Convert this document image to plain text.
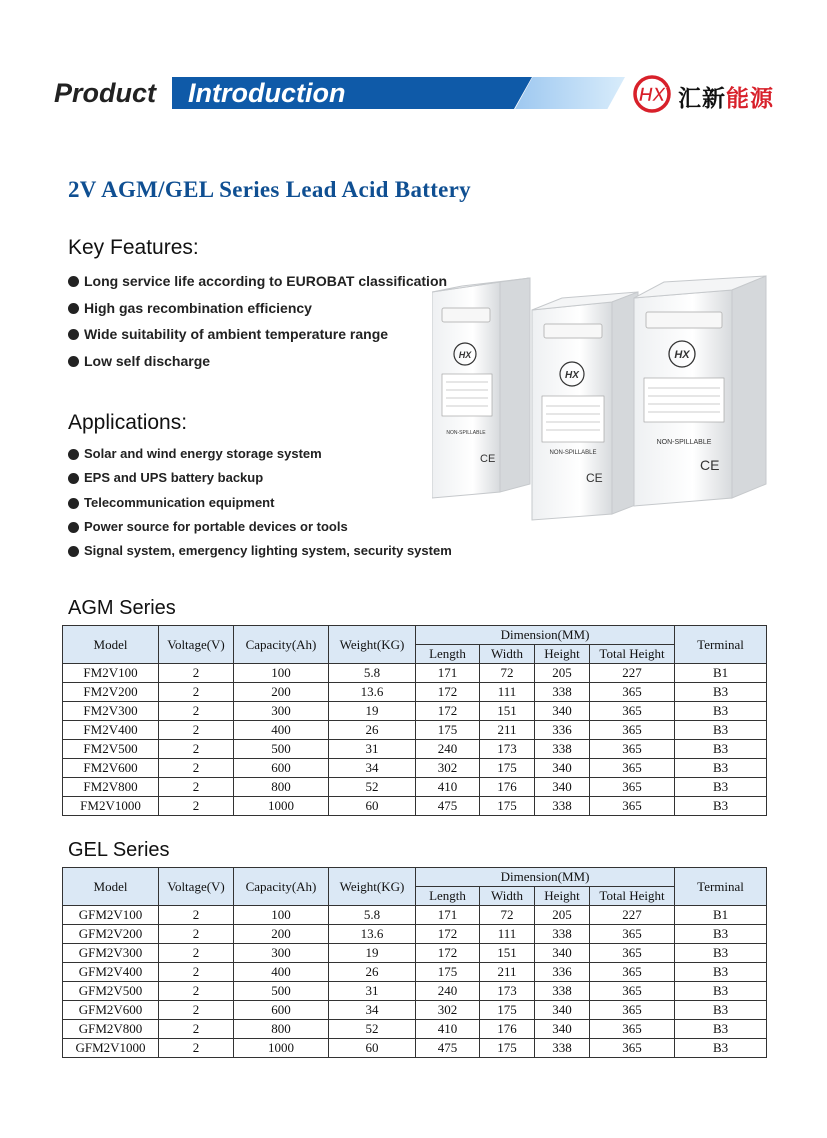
Product Introduction	HX 汇新能源
2V AGM/GEL Series Lead Acid Battery
Key Features:
Long service life according to EUROBAT classification
High gas recombination efficiency
Wide suitability of ambient temperature range
Low self discharge
Applications:
Solar and wind energy storage system
EPS and UPS battery backup
Telecommunication equipment
Power source for portable devices or tools
Signal system, emergency lighting system, security system
HX
NON-SPILLABLE
CE
HX
NON-SPILLABLE
CE
HX
NON-SPILLABLE
CE
AGM Series
Model	Voltage(V)	Capacity(Ah)	Weight(KG)	Dimension(MM)				Terminal
				Length	Width	Height	Total Height	
FM2V100	2	100	5.8	171	72	205	227	B1
FM2V200	2	200	13.6	172	111	338	365	B3
FM2V300	2	300	19	172	151	340	365	B3
FM2V400	2	400	26	175	211	336	365	B3
FM2V500	2	500	31	240	173	338	365	B3
FM2V600	2	600	34	302	175	340	365	B3
FM2V800	2	800	52	410	176	340	365	B3
FM2V1000	2	1000	60	475	175	338	365	B3
GEL Series
Model	Voltage(V)	Capacity(Ah)	Weight(KG)	Dimension(MM)				Terminal
				Length	Width	Height	Total Height	
GFM2V100	2	100	5.8	171	72	205	227	B1
GFM2V200	2	200	13.6	172	111	338	365	B3
GFM2V300	2	300	19	172	151	340	365	B3
GFM2V400	2	400	26	175	211	336	365	B3
GFM2V500	2	500	31	240	173	338	365	B3
GFM2V600	2	600	34	302	175	340	365	B3
GFM2V800	2	800	52	410	176	340	365	B3
GFM2V1000	2	1000	60	475	175	338	365	B3
